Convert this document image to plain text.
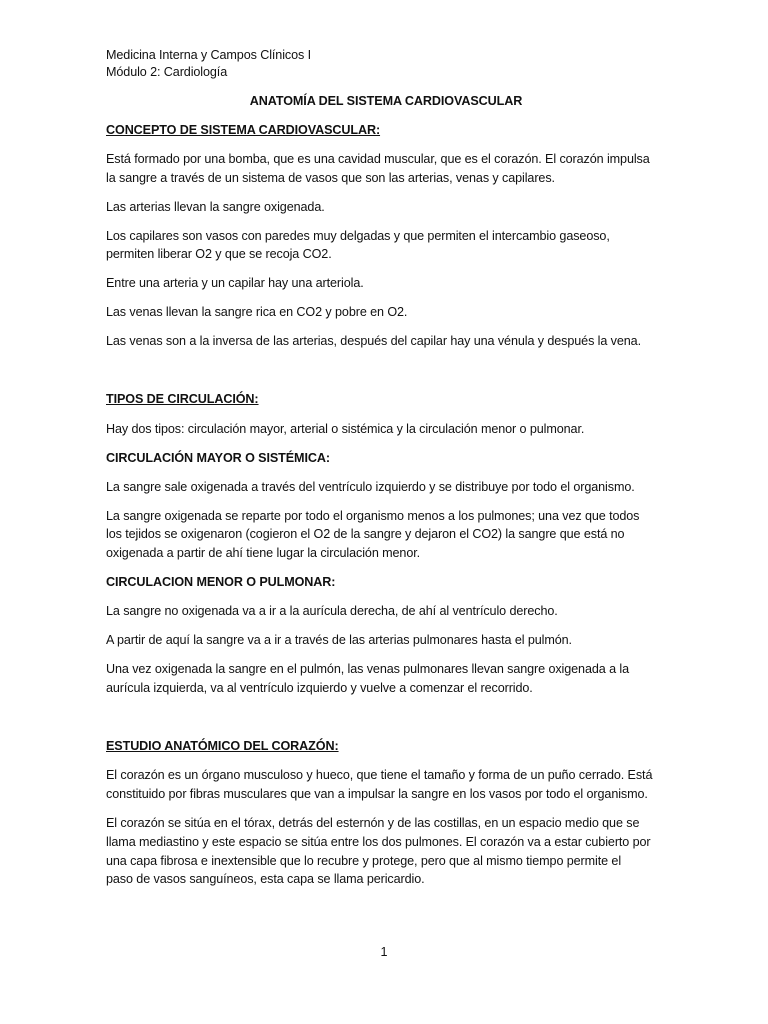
Medicina Interna y Campos Clínicos I
Módulo 2: Cardiología
ANATOMÍA DEL SISTEMA CARDIOVASCULAR
CONCEPTO DE SISTEMA CARDIOVASCULAR:
Está formado por una bomba, que es una cavidad muscular, que es el corazón. El corazón impulsa
la sangre a través de un sistema de vasos que son las arterias, venas y capilares.
Las arterias llevan la sangre oxigenada.
Los capilares son vasos con paredes muy delgadas y que permiten el intercambio gaseoso,
permiten liberar O2 y que se recoja CO2.
Entre una arteria y un capilar hay una arteriola.
Las venas llevan la sangre rica en CO2 y pobre en O2.
Las venas son a la inversa de las arterias, después del capilar hay una vénula y después la vena.
TIPOS DE CIRCULACIÓN:
Hay dos tipos: circulación mayor, arterial o sistémica y la circulación menor o pulmonar.
CIRCULACIÓN MAYOR O SISTÉMICA:
La sangre sale oxigenada a través del ventrículo izquierdo y se distribuye por todo el organismo.
La sangre oxigenada se reparte por todo el organismo menos a los pulmones; una vez que todos
los tejidos se oxigenaron (cogieron el O2 de la sangre y dejaron el CO2) la sangre que está no
oxigenada a partir de ahí tiene lugar la circulación menor.
CIRCULACION MENOR O PULMONAR:
La sangre no oxigenada va a ir a la aurícula derecha, de ahí al ventrículo derecho.
A partir de aquí la sangre va a ir a través de las arterias pulmonares hasta el pulmón.
Una vez oxigenada la sangre en el pulmón, las venas pulmonares llevan sangre oxigenada a la
aurícula izquierda, va al ventrículo izquierdo y vuelve a comenzar el recorrido.
ESTUDIO ANATÓMICO DEL CORAZÓN:
El corazón es un órgano musculoso y hueco, que tiene el tamaño y forma de un puño cerrado. Está
constituido por fibras musculares que van a impulsar la sangre en los vasos por todo el organismo.
El corazón se sitúa en el tórax, detrás del esternón y de las costillas, en un espacio medio que se
llama mediastino y este espacio se sitúa entre los dos pulmones. El corazón va a estar cubierto por
una capa fibrosa e inextensible que lo recubre y protege, pero que al mismo tiempo permite el
paso de vasos sanguíneos, esta capa se llama pericardio.
1
